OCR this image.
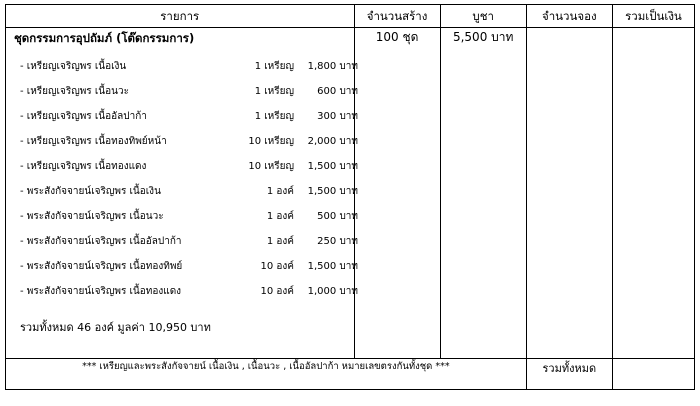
รายการ	จำนวนสร้าง	บูชา	จำนวนจอง	รวมเป็นเงิน

ชุดกรรมการอุปถัมภ์ (โต๊ดกรรมการ)
- เหรียญเจริญพร เนื้อเงิน	1 เหรียญ	1,800 บาท
- เหรียญเจริญพร เนื้อนวะ	1 เหรียญ	600 บาท
- เหรียญเจริญพร เนื้ออัลปาก้า	1 เหรียญ	300 บาท
- เหรียญเจริญพร เนื้อทองทิพย์หน้า	10 เหรียญ	2,000 บาท
- เหรียญเจริญพร เนื้อทองแดง	10 เหรียญ	1,500 บาท
- พระสังกัจจายน์เจริญพร เนื้อเงิน	1 องค์	1,500 บาท
- พระสังกัจจายน์เจริญพร เนื้อนวะ	1 องค์	500 บาท
- พระสังกัจจายน์เจริญพร เนื้ออัลปาก้า	1 องค์	250 บาท
- พระสังกัจจายน์เจริญพร เนื้อทองทิพย์	10 องค์	1,500 บาท
- พระสังกัจจายน์เจริญพร เนื้อทองแดง	10 องค์	1,000 บาท
รวมทั้งหมด 46 องค์ มูลค่า 10,950 บาท
	100 ชุด	5,500 บาท		
*** เหรียญและพระสังกัจจายน์ เนื้อเงิน , เนื้อนวะ , เนื้ออัลปาก้า หมายเลขตรงกันทั้งชุด ***			รวมทั้งหมด	
